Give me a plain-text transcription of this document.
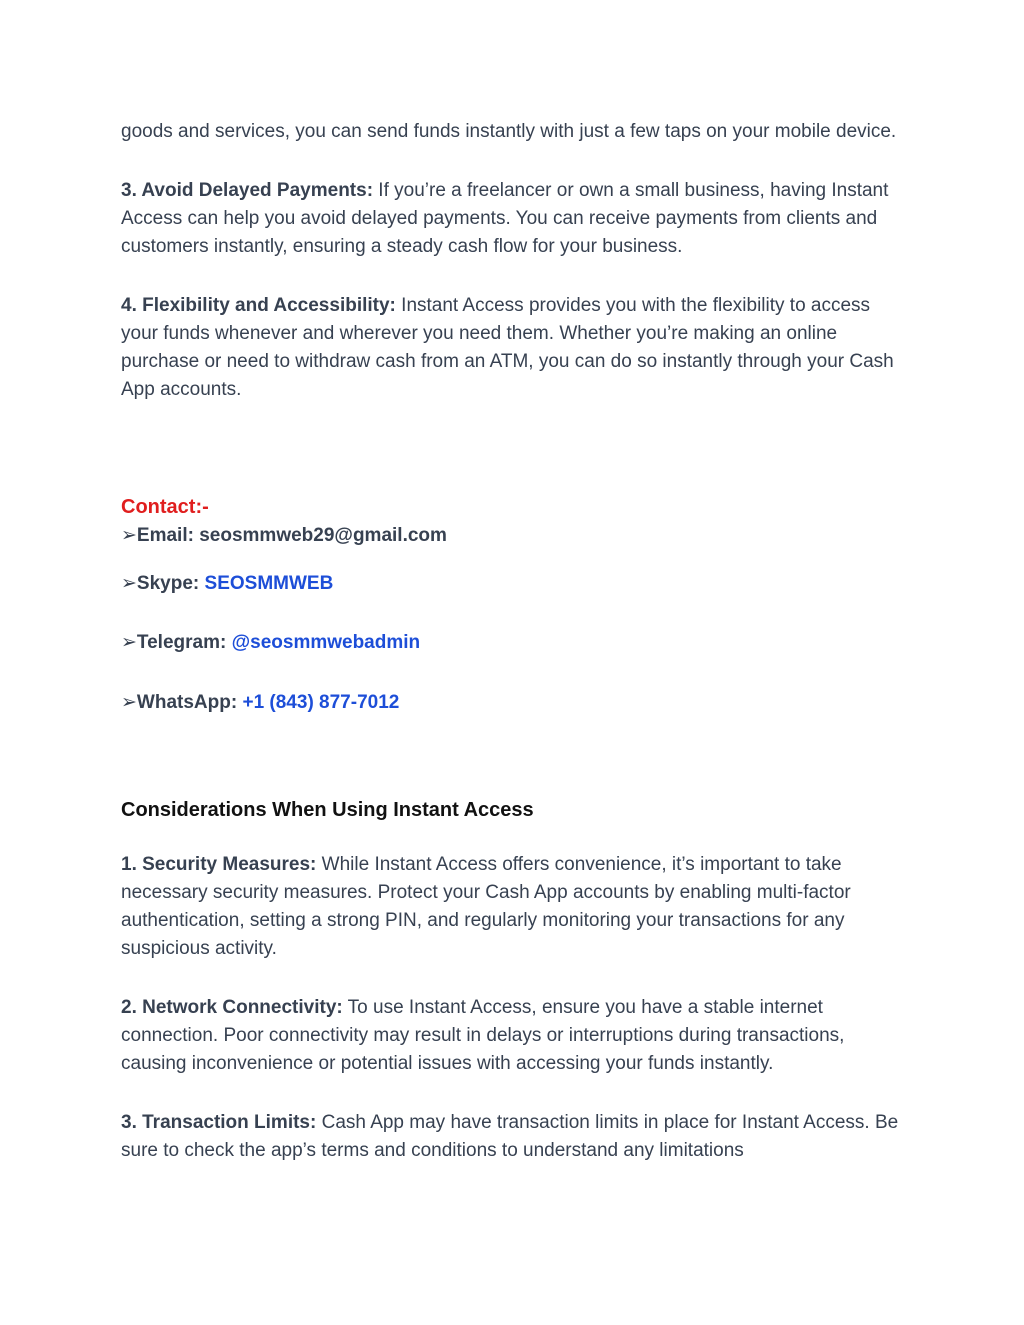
goods and services, you can send funds instantly with just a few taps on your mobile device.

3. Avoid Delayed Payments: If you’re a freelancer or own a small business, having Instant Access can help you avoid delayed payments. You can receive payments from clients and customers instantly, ensuring a steady cash flow for your business.

4. Flexibility and Accessibility: Instant Access provides you with the flexibility to access your funds whenever and wherever you need them. Whether you’re making an online purchase or need to withdraw cash from an ATM, you can do so instantly through your Cash App accounts.

Contact:-

➢Email: seosmmweb29@gmail.com

➢Skype: SEOSMMWEB

➢Telegram: @seosmmwebadmin

➢WhatsApp: +1 (843) 877-7012

Considerations When Using Instant Access

1. Security Measures: While Instant Access offers convenience, it’s important to take necessary security measures. Protect your Cash App accounts by enabling multi-factor authentication, setting a strong PIN, and regularly monitoring your transactions for any suspicious activity.

2. Network Connectivity: To use Instant Access, ensure you have a stable internet connection. Poor connectivity may result in delays or interruptions during transactions, causing inconvenience or potential issues with accessing your funds instantly.

3. Transaction Limits: Cash App may have transaction limits in place for Instant Access. Be sure to check the app’s terms and conditions to understand any limitations
